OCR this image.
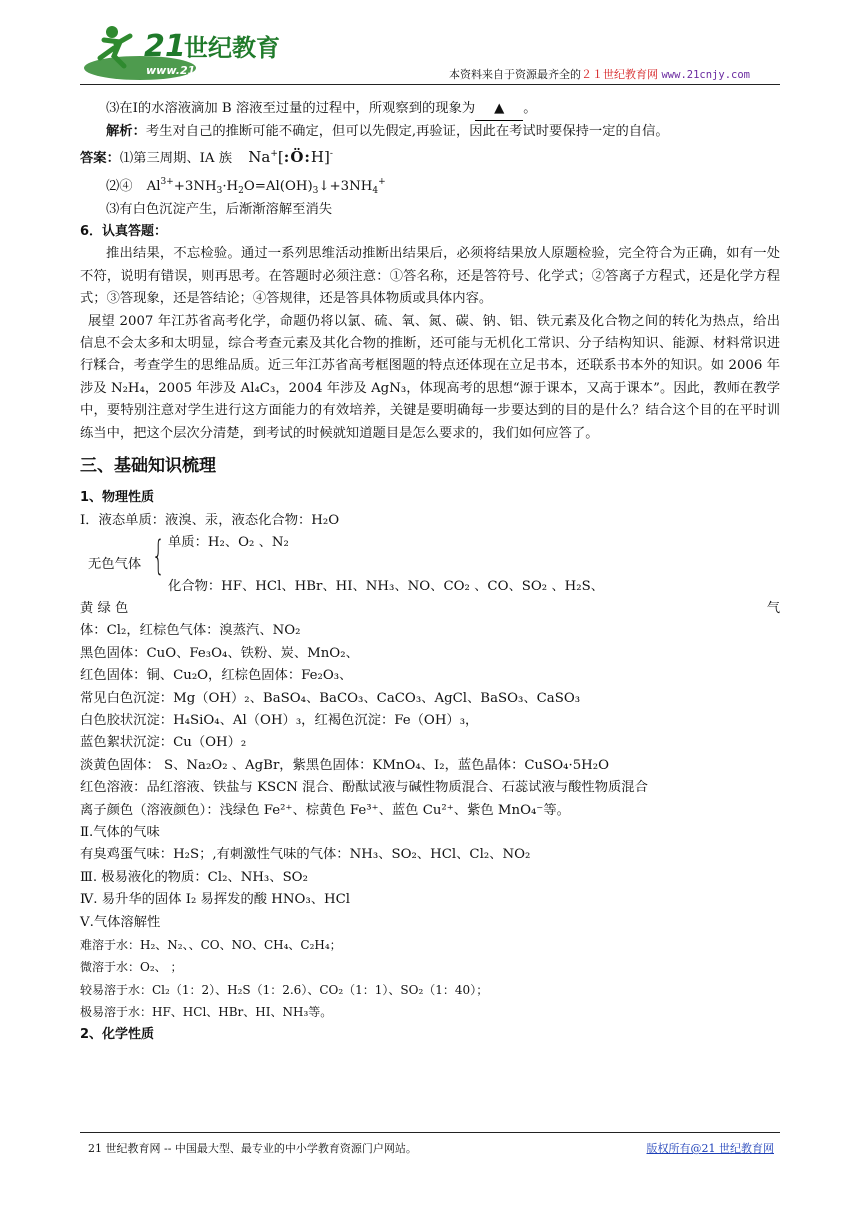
21
世纪教育
www.21cnjy.com	本资料来自于资源最齐全的２１世纪教育网 www.21cnjy.com
⑶在Ⅰ的水溶液滴加 B 溶液至过量的过程中，所观察到的现象为 ▲ 。
解析：考生对自己的推断可能不确定，但可以先假定,再验证，因此在考试时要保持一定的自信。
答案：⑴第三周期、ⅠA 族 Na+[:Ö:H]-
⑵④ $Al^{3+}+3NH_3\cdot H_2O=Al(OH)_3↓+3NH_4^+$
⑶有白色沉淀产生，后渐渐溶解至消失
6．认真答题：
推出结果，不忘检验。通过一系列思维活动推断出结果后，必须将结果放人原题检验，完全符合为正确，如有一处不符，说明有错误，则再思考。在答题时必须注意：①答名称，还是答符号、化学式；②答离子方程式，还是化学方程式；③答现象，还是答结论；④答规律，还是答具体物质或具体内容。
展望 2007 年江苏省高考化学，命题仍将以氯、硫、氧、氮、碳、钠、铝、铁元素及化合物之间的转化为热点，给出信息不会太多和太明显，综合考查元素及其化合物的推断，还可能与无机化工常识、分子结构知识、能源、材料常识进行糅合，考查学生的思维品质。近三年江苏省高考框图题的特点还体现在立足书本，还联系书本外的知识。如 2006 年涉及 N₂H₄，2005 年涉及 Al₄C₃，2004 年涉及 AgN₃，体现高考的思想“源于课本，又高于课本”。因此，教师在教学中，要特别注意对学生进行这方面能力的有效培养，关键是要明确每一步要达到的目的是什么？结合这个目的在平时训练当中，把这个层次分清楚，到考试的时候就知道题目是怎么要求的，我们如何应答了。
三、基础知识梳理
1、物理性质
Ⅰ．液态单质：液溴、汞，液态化合物：H₂O
无色气体 { 单质：H₂、O₂ 、N₂
化合物：HF、HCl、HBr、HI、NH₃、NO、CO₂ 、CO、SO₂ 、H₂S、
黄 绿 色	气
体：Cl₂，红棕色气体：溴蒸汽、NO₂
黑色固体：CuO、Fe₃O₄、铁粉、炭、MnO₂、
红色固体：铜、Cu₂O，红棕色固体：Fe₂O₃、
常见白色沉淀：Mg（OH）₂、BaSO₄、BaCO₃、CaCO₃、AgCl、BaSO₃、CaSO₃
白色胶状沉淀：H₄SiO₄、Al（OH）₃，红褐色沉淀：Fe（OH）₃，
蓝色絮状沉淀：Cu（OH）₂
淡黄色固体： S、Na₂O₂ 、AgBr，紫黑色固体：KMnO₄、I₂，蓝色晶体：CuSO₄·5H₂O
红色溶液：品红溶液、铁盐与 KSCN 混合、酚酞试液与碱性物质混合、石蕊试液与酸性物质混合
离子颜色（溶液颜色）：浅绿色 Fe²⁺、棕黄色 Fe³⁺、蓝色 Cu²⁺、紫色 MnO₄⁻等。
Ⅱ.气体的气味
有臭鸡蛋气味：H₂S；,有刺激性气味的气体：NH₃、SO₂、HCl、Cl₂、NO₂
Ⅲ. 极易液化的物质：Cl₂、NH₃、SO₂
Ⅳ. 易升华的固体 I₂ 易挥发的酸 HNO₃、HCl
Ⅴ.气体溶解性
难溶于水：H₂、N₂、、CO、NO、CH₄、C₂H₄；
微溶于水：O₂、 ；
较易溶于水：Cl₂（1：2）、H₂S（1：2.6）、CO₂（1：1）、SO₂（1：40）；
极易溶于水：HF、HCl、HBr、HI、NH₃等。
2、化学性质
21 世纪教育网 -- 中国最大型、最专业的中小学教育资源门户网站。	版权所有@21 世纪教育网
